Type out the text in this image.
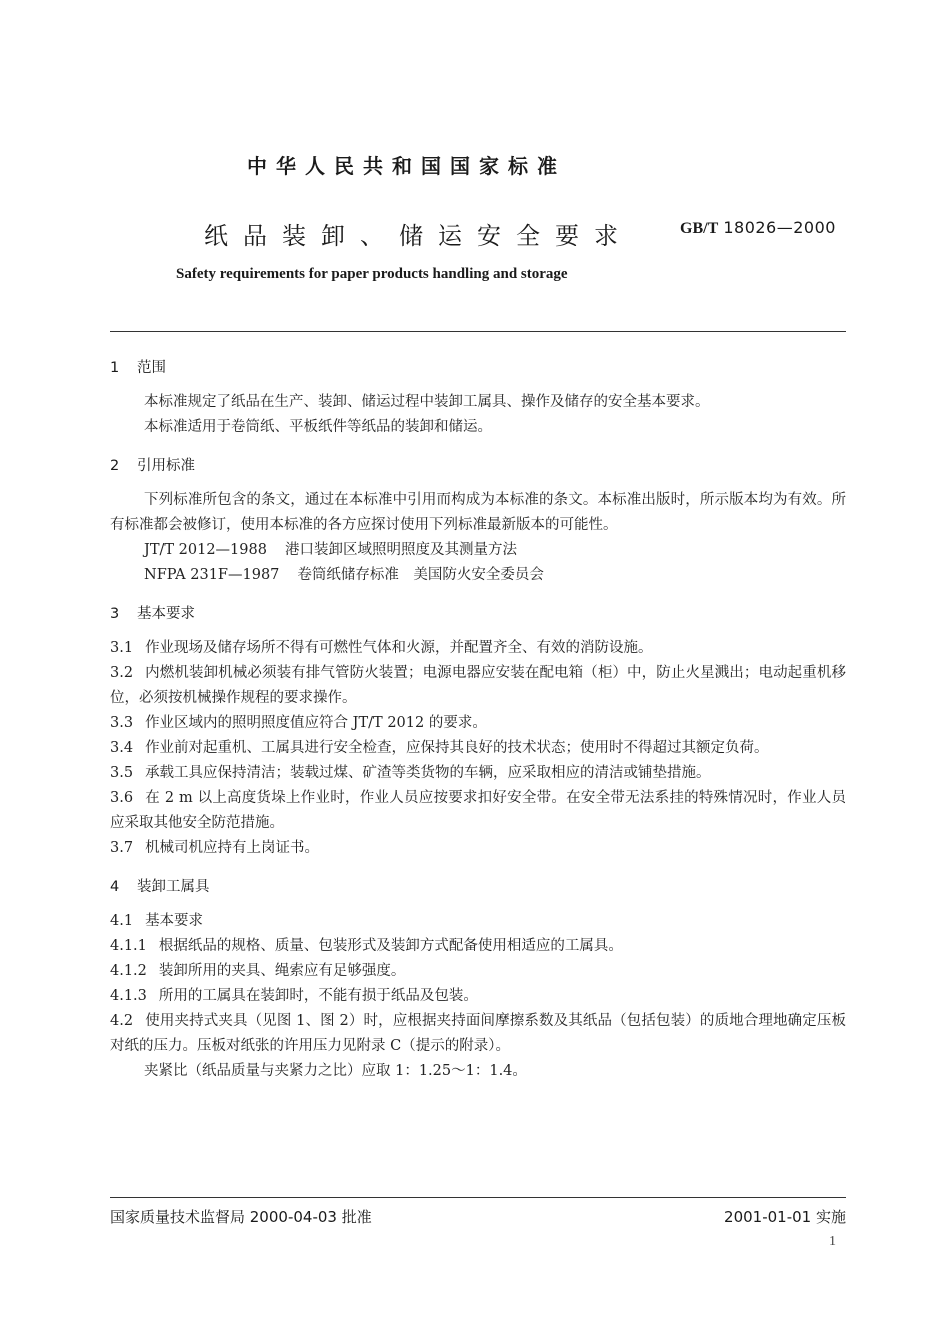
中华人民共和国国家标准
纸品装卸、储运安全要求	GB/T 18026—2000
Safety requirements for paper products handling and storage
1 范围
本标准规定了纸品在生产、装卸、储运过程中装卸工属具、操作及储存的安全基本要求。
本标准适用于卷筒纸、平板纸件等纸品的装卸和储运。
2 引用标准
下列标准所包含的条文，通过在本标准中引用而构成为本标准的条文。本标准出版时，所示版本均为有效。所有标准都会被修订，使用本标准的各方应探讨使用下列标准最新版本的可能性。
JT/T 2012—1988 港口装卸区域照明照度及其测量方法
NFPA 231F—1987 卷筒纸储存标准　美国防火安全委员会
3 基本要求
3.1 作业现场及储存场所不得有可燃性气体和火源，并配置齐全、有效的消防设施。
3.2 内燃机装卸机械必须装有排气管防火装置；电源电器应安装在配电箱（柜）中，防止火星溅出；电动起重机移位，必须按机械操作规程的要求操作。
3.3 作业区域内的照明照度值应符合 JT/T 2012 的要求。
3.4 作业前对起重机、工属具进行安全检查，应保持其良好的技术状态；使用时不得超过其额定负荷。
3.5 承载工具应保持清洁；装载过煤、矿渣等类货物的车辆，应采取相应的清洁或铺垫措施。
3.6 在 2 m 以上高度货垛上作业时，作业人员应按要求扣好安全带。在安全带无法系挂的特殊情况时，作业人员应采取其他安全防范措施。
3.7 机械司机应持有上岗证书。
4 装卸工属具
4.1 基本要求
4.1.1 根据纸品的规格、质量、包装形式及装卸方式配备使用相适应的工属具。
4.1.2 装卸所用的夹具、绳索应有足够强度。
4.1.3 所用的工属具在装卸时，不能有损于纸品及包装。
4.2 使用夹持式夹具（见图 1、图 2）时，应根据夹持面间摩擦系数及其纸品（包括包装）的质地合理地确定压板对纸的压力。压板对纸张的许用压力见附录 C（提示的附录）。
夹紧比（纸品质量与夹紧力之比）应取 1：1.25～1：1.4。
国家质量技术监督局 2000-04-03 批准	2001-01-01 实施
1
